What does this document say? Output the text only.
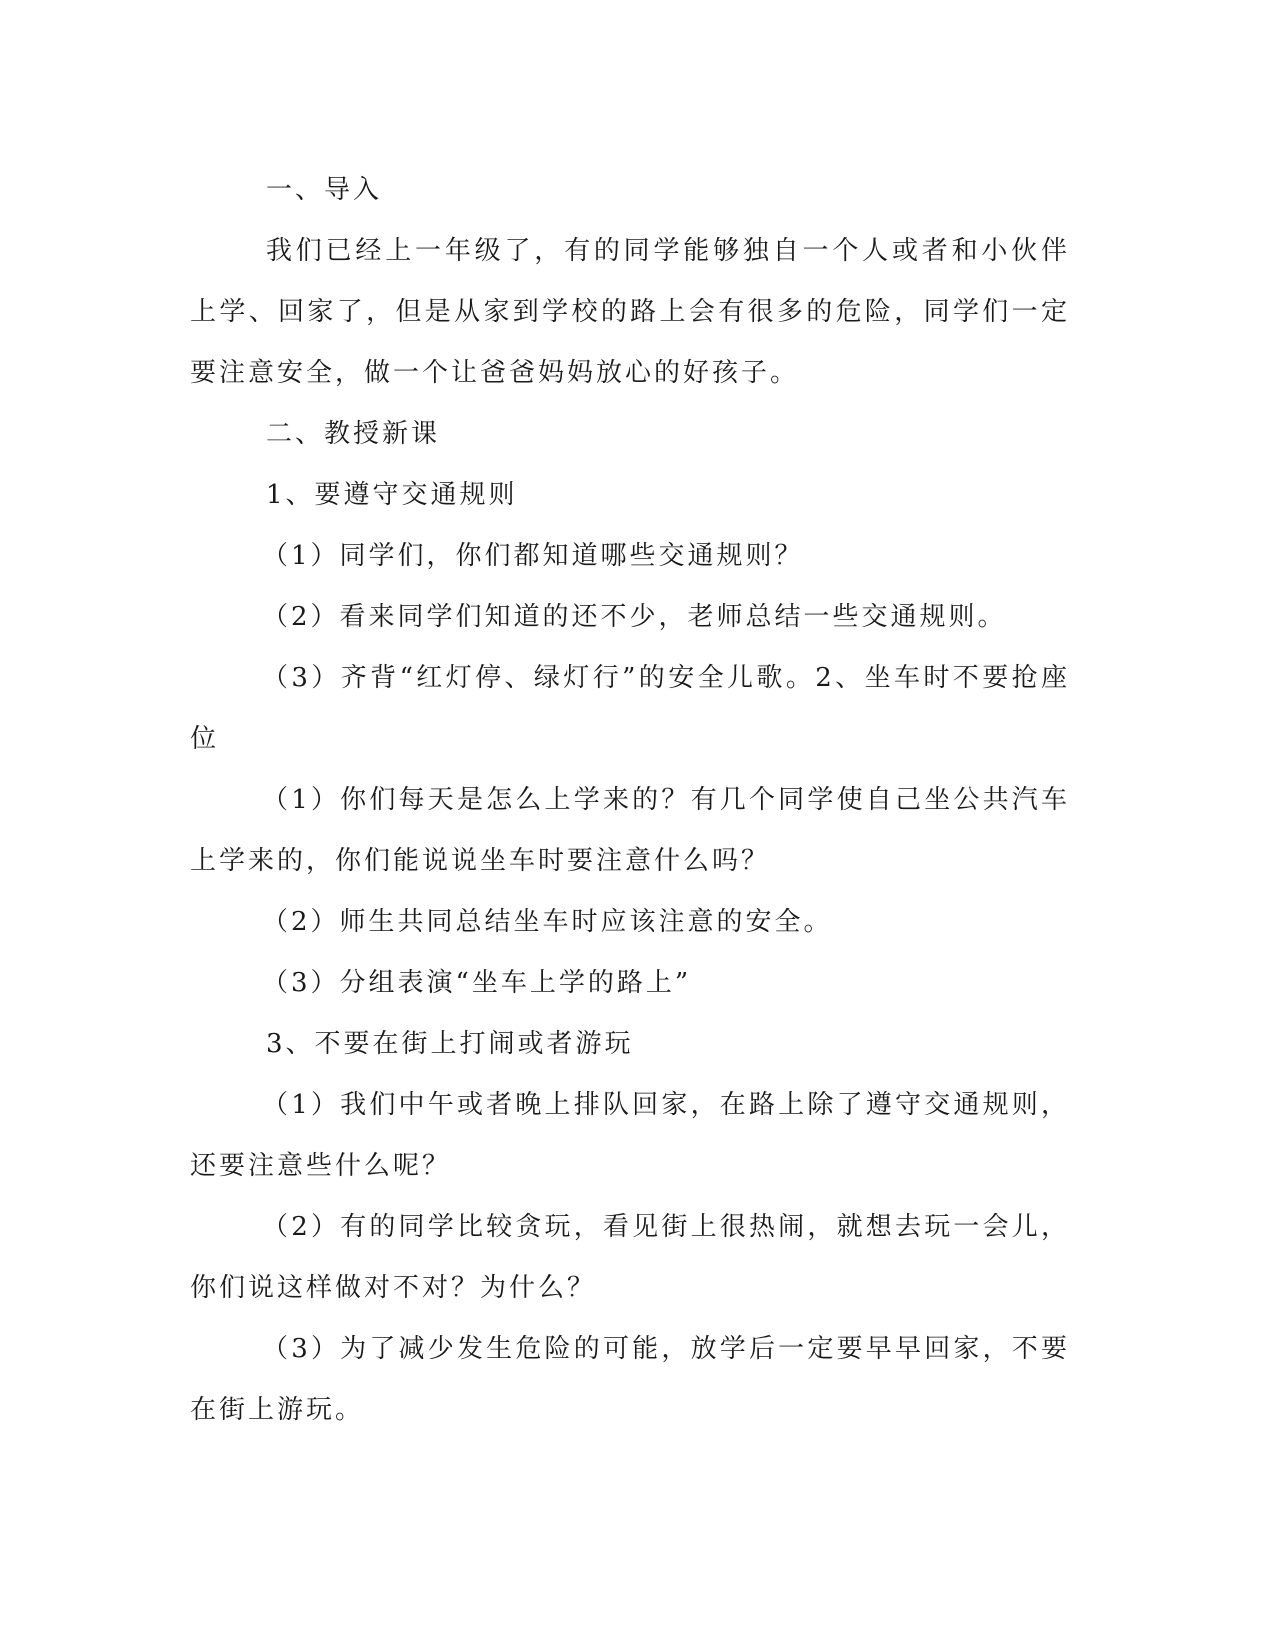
一、导入

我们已经上一年级了，有的同学能够独自一个人或者和小伙伴上学、回家了，但是从家到学校的路上会有很多的危险，同学们一定要注意安全，做一个让爸爸妈妈放心的好孩子。

二、教授新课

1、要遵守交通规则

（1）同学们，你们都知道哪些交通规则？

（2）看来同学们知道的还不少，老师总结一些交通规则。

（3）齐背“红灯停、绿灯行”的安全儿歌。2、坐车时不要抢座位

（1）你们每天是怎么上学来的？有几个同学使自己坐公共汽车上学来的，你们能说说坐车时要注意什么吗？

（2）师生共同总结坐车时应该注意的安全。

（3）分组表演“坐车上学的路上”

3、不要在街上打闹或者游玩

（1）我们中午或者晚上排队回家，在路上除了遵守交通规则，还要注意些什么呢？

（2）有的同学比较贪玩，看见街上很热闹，就想去玩一会儿，你们说这样做对不对？为什么？

（3）为了减少发生危险的可能，放学后一定要早早回家，不要在街上游玩。
